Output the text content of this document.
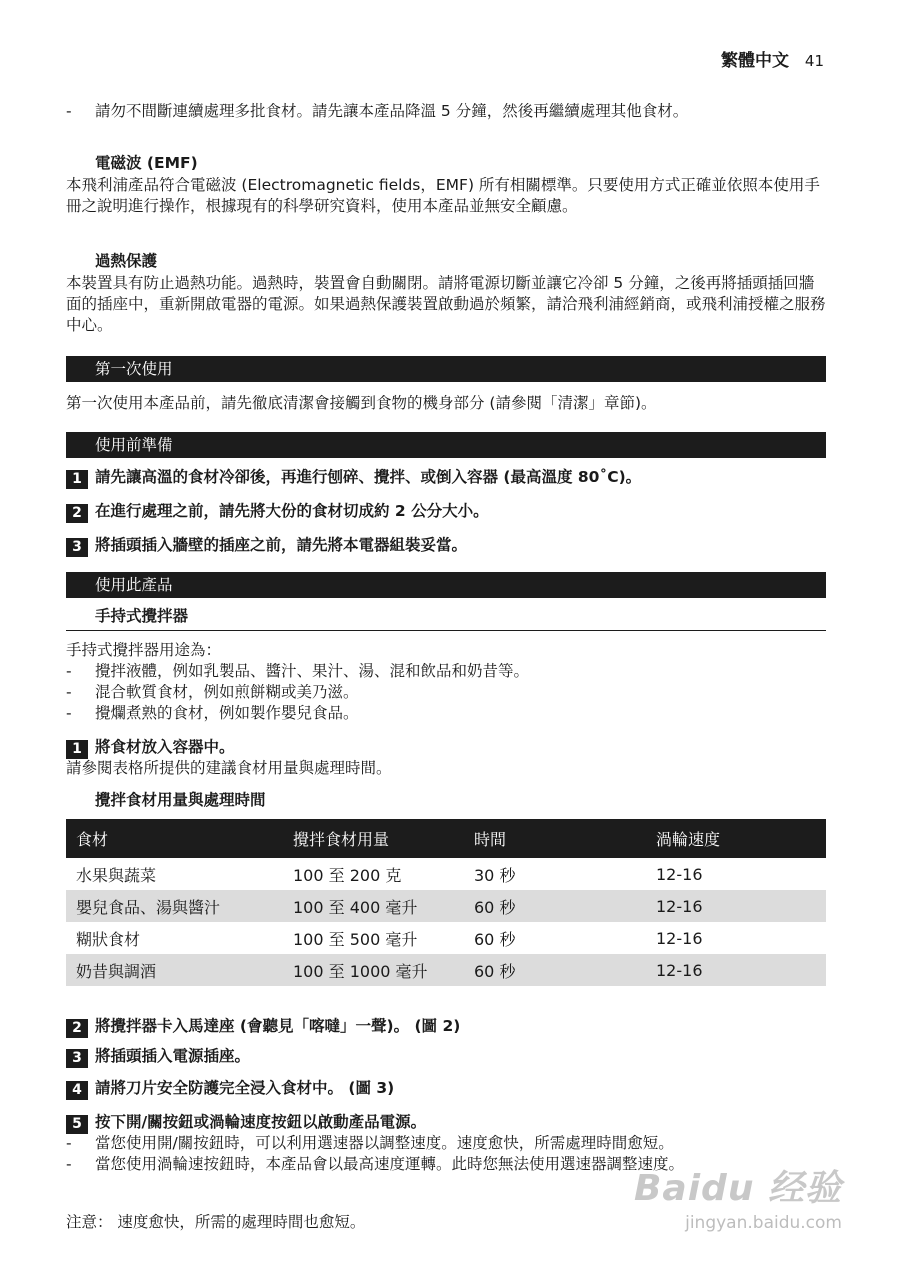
繁體中文 41
- 請勿不間斷連續處理多批食材。請先讓本產品降溫 5 分鐘，然後再繼續處理其他食材。
電磁波 (EMF)
本飛利浦產品符合電磁波 (Electromagnetic fields，EMF) 所有相關標準。只要使用方式正確並依照本使用手冊之說明進行操作，根據現有的科學研究資料，使用本產品並無安全顧慮。
過熱保護
本裝置具有防止過熱功能。過熱時，裝置會自動關閉。請將電源切斷並讓它冷卻 5 分鐘，之後再將插頭插回牆面的插座中，重新開啟電器的電源。如果過熱保護裝置啟動過於頻繁，請洽飛利浦經銷商，或飛利浦授權之服務中心。
第一次使用
第一次使用本產品前，請先徹底清潔會接觸到食物的機身部分 (請參閱「清潔」章節)。
使用前準備
1 請先讓高溫的食材冷卻後，再進行刨碎、攪拌、或倒入容器 (最高溫度 80˚C)。
2 在進行處理之前，請先將大份的食材切成約 2 公分大小。
3 將插頭插入牆壁的插座之前，請先將本電器組裝妥當。
使用此產品
手持式攪拌器
手持式攪拌器用途為：
- 攪拌液體，例如乳製品、醬汁、果汁、湯、混和飲品和奶昔等。
- 混合軟質食材，例如煎餅糊或美乃滋。
- 攪爛煮熟的食材，例如製作嬰兒食品。
1 將食材放入容器中。
請參閱表格所提供的建議食材用量與處理時間。
攪拌食材用量與處理時間
食材	攪拌食材用量	時間	渦輪速度
水果與蔬菜	100 至 200 克	30 秒	12-16
嬰兒食品、湯與醬汁	100 至 400 毫升	60 秒	12-16
糊狀食材	100 至 500 毫升	60 秒	12-16
奶昔與調酒	100 至 1000 毫升	60 秒	12-16
2 將攪拌器卡入馬達座 (會聽見「喀噠」一聲)。 (圖 2)
3 將插頭插入電源插座。
4 請將刀片安全防護完全浸入食材中。 (圖 3)
5 按下開/關按鈕或渦輪速度按鈕以啟動產品電源。
- 當您使用開/關按鈕時，可以利用選速器以調整速度。速度愈快，所需處理時間愈短。
- 當您使用渦輪速按鈕時，本產品會以最高速度運轉。此時您無法使用選速器調整速度。
注意： 速度愈快，所需的處理時間也愈短。
Baidu 经验
jingyan.baidu.com
